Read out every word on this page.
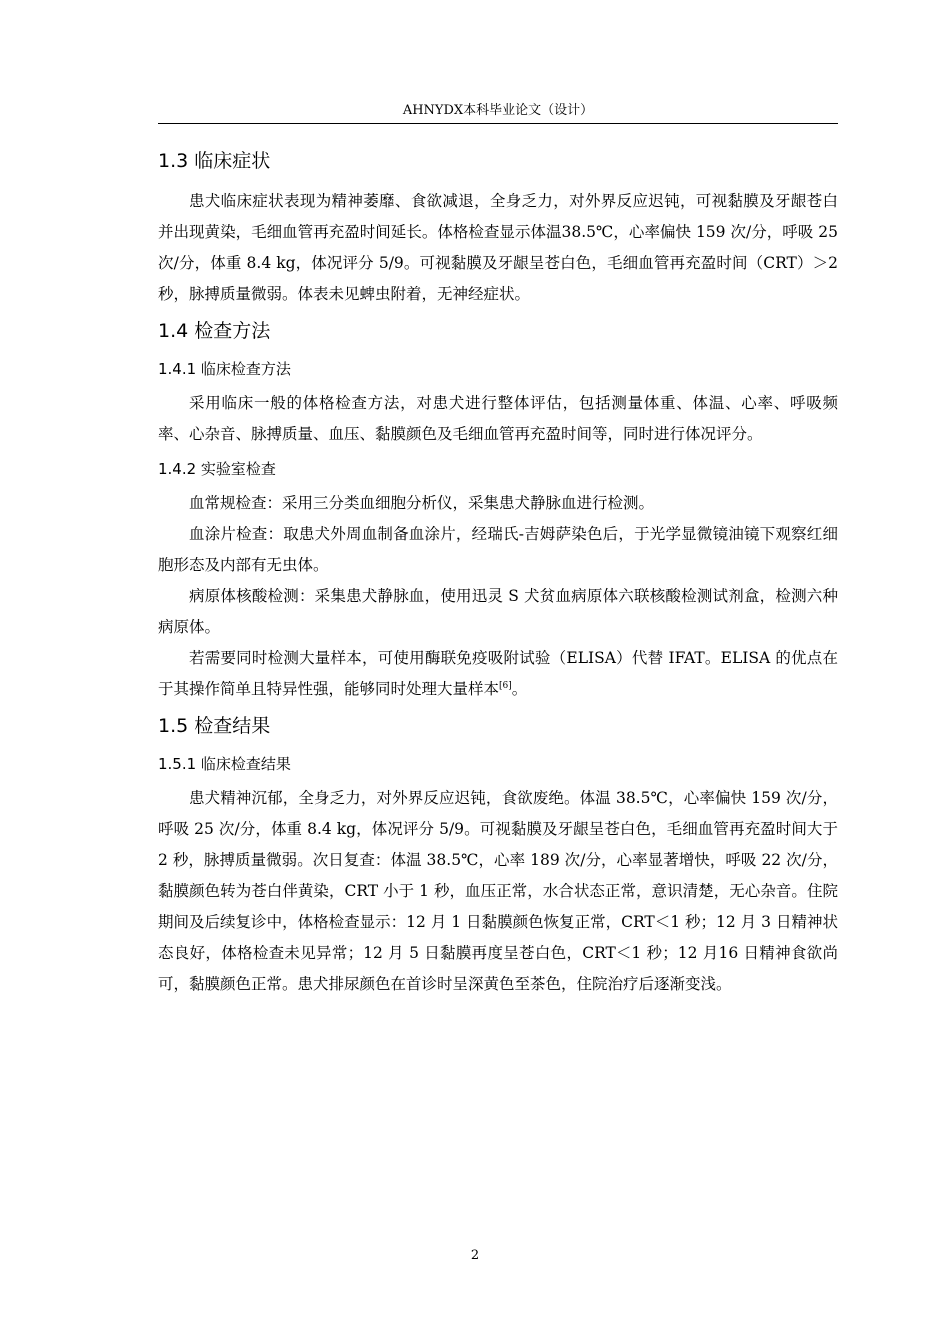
AHNYDX本科毕业论文（设计）
1.3 临床症状

患犬临床症状表现为精神萎靡、食欲减退，全身乏力，对外界反应迟钝，可视黏膜及牙龈苍白并出现黄染，毛细血管再充盈时间延长。体格检查显示体温38.5℃，心率偏快 159 次/分，呼吸 25 次/分，体重 8.4 kg，体况评分 5/9。可视黏膜及牙龈呈苍白色，毛细血管再充盈时间（CRT）＞2 秒，脉搏质量微弱。体表未见蜱虫附着，无神经症状。

1.4 检查方法
1.4.1 临床检查方法

采用临床一般的体格检查方法，对患犬进行整体评估，包括测量体重、体温、心率、呼吸频率、心杂音、脉搏质量、血压、黏膜颜色及毛细血管再充盈时间等，同时进行体况评分。

1.4.2 实验室检查

血常规检查：采用三分类血细胞分析仪，采集患犬静脉血进行检测。

血涂片检查：取患犬外周血制备血涂片，经瑞氏-吉姆萨染色后，于光学显微镜油镜下观察红细胞形态及内部有无虫体。

病原体核酸检测：采集患犬静脉血，使用迅灵 S 犬贫血病原体六联核酸检测试剂盒，检测六种病原体。

若需要同时检测大量样本，可使用酶联免疫吸附试验（ELISA）代替 IFAT。ELISA 的优点在于其操作简单且特异性强，能够同时处理大量样本[6]。

1.5 检查结果
1.5.1 临床检查结果

患犬精神沉郁，全身乏力，对外界反应迟钝，食欲废绝。体温 38.5℃，心率偏快 159 次/分，呼吸 25 次/分，体重 8.4 kg，体况评分 5/9。可视黏膜及牙龈呈苍白色，毛细血管再充盈时间大于 2 秒，脉搏质量微弱。次日复查：体温 38.5℃，心率 189 次/分，心率显著增快，呼吸 22 次/分，黏膜颜色转为苍白伴黄染，CRT 小于 1 秒，血压正常，水合状态正常，意识清楚，无心杂音。住院期间及后续复诊中，体格检查显示：12 月 1 日黏膜颜色恢复正常，CRT＜1 秒；12 月 3 日精神状态良好，体格检查未见异常；12 月 5 日黏膜再度呈苍白色，CRT＜1 秒；12 月16 日精神食欲尚可，黏膜颜色正常。患犬排尿颜色在首诊时呈深黄色至茶色，住院治疗后逐渐变浅。

2
